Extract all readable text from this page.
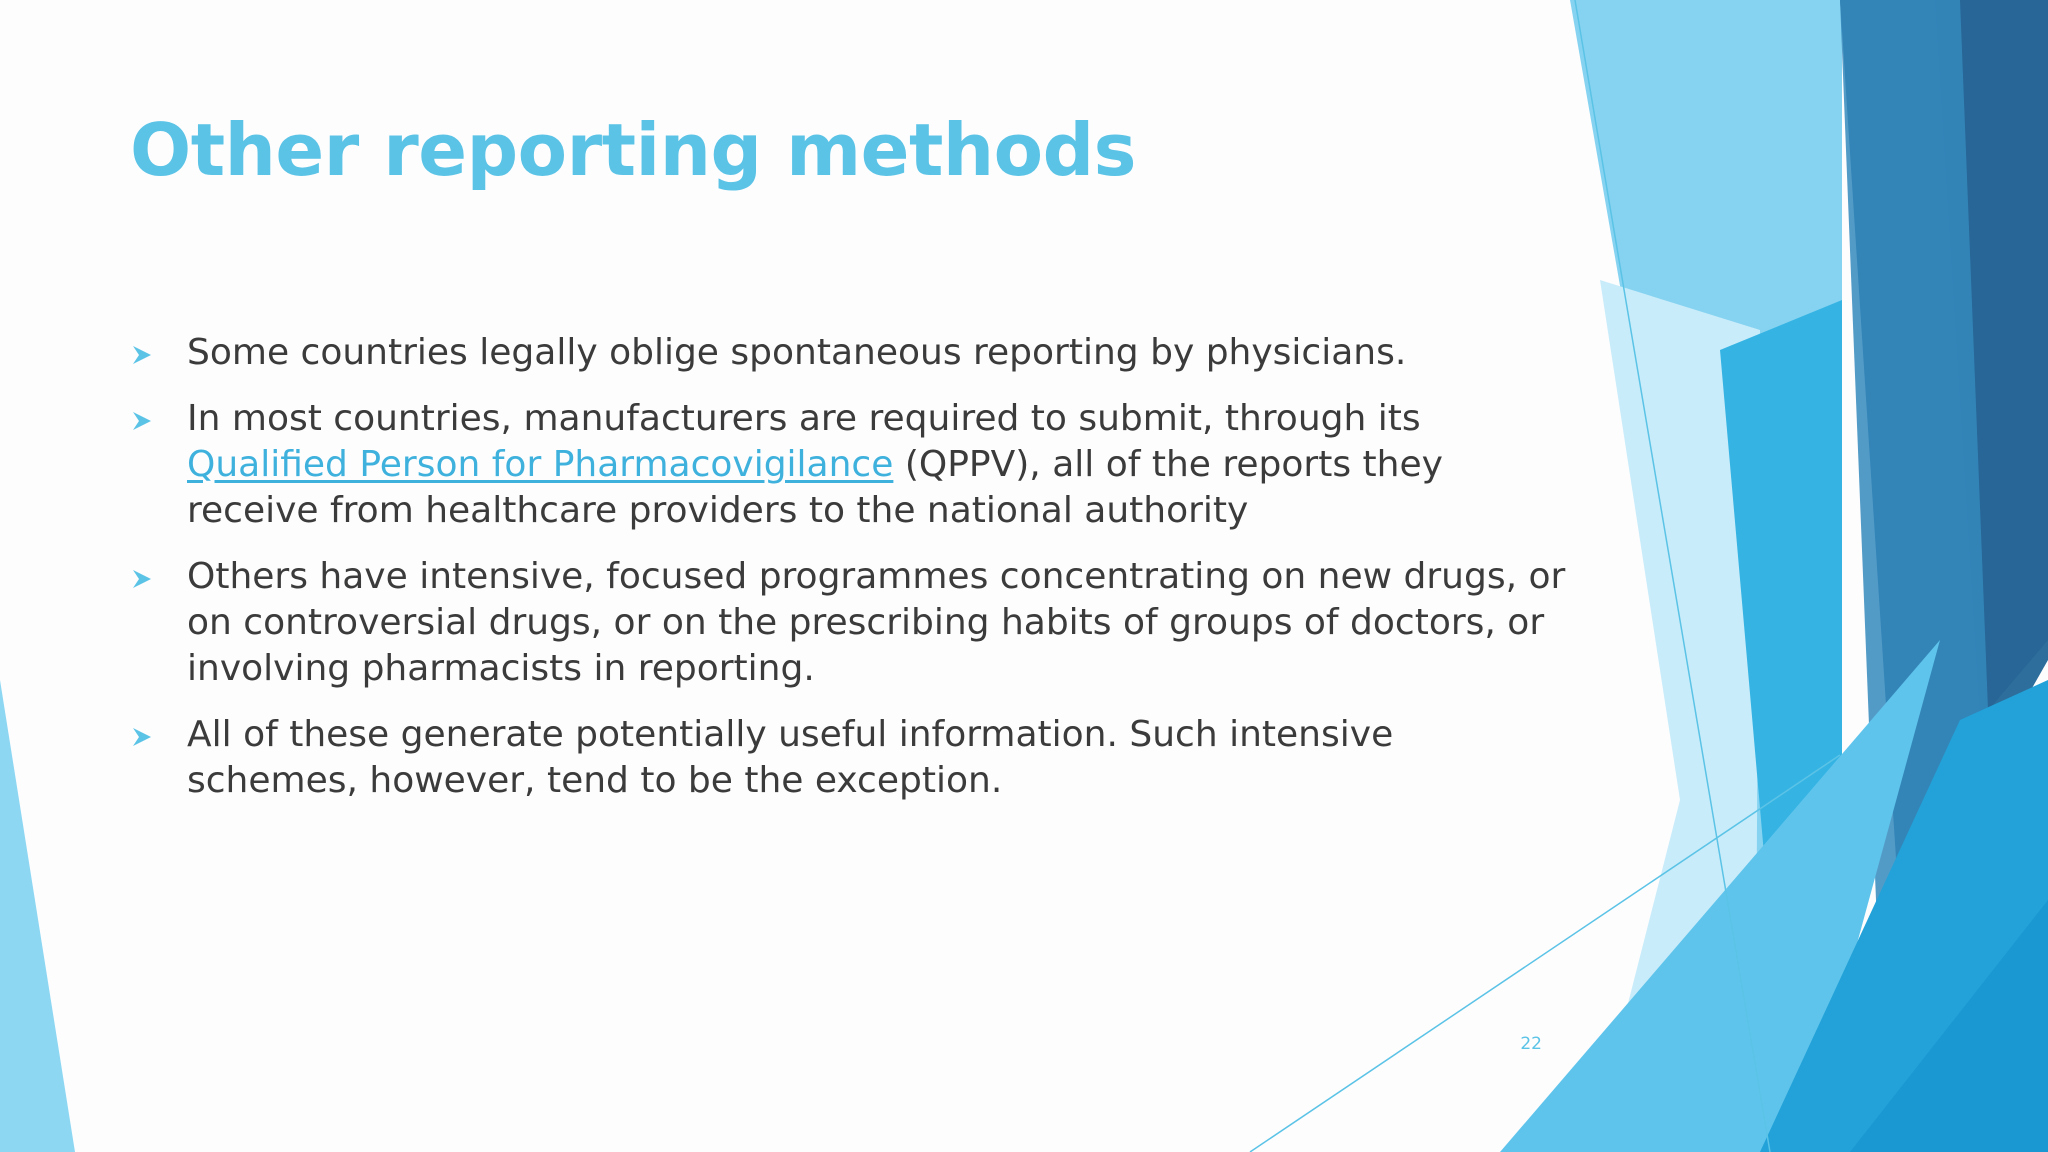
Other reporting methods
Some countries legally oblige spontaneous reporting by physicians.
In most countries, manufacturers are required to submit, through its Qualified Person for Pharmacovigilance (QPPV), all of the reports they receive from healthcare providers to the national authority
Others have intensive, focused programmes concentrating on new drugs, or on controversial drugs, or on the prescribing habits of groups of doctors, or involving pharmacists in reporting.
All of these generate potentially useful information. Such intensive schemes, however, tend to be the exception.
22
